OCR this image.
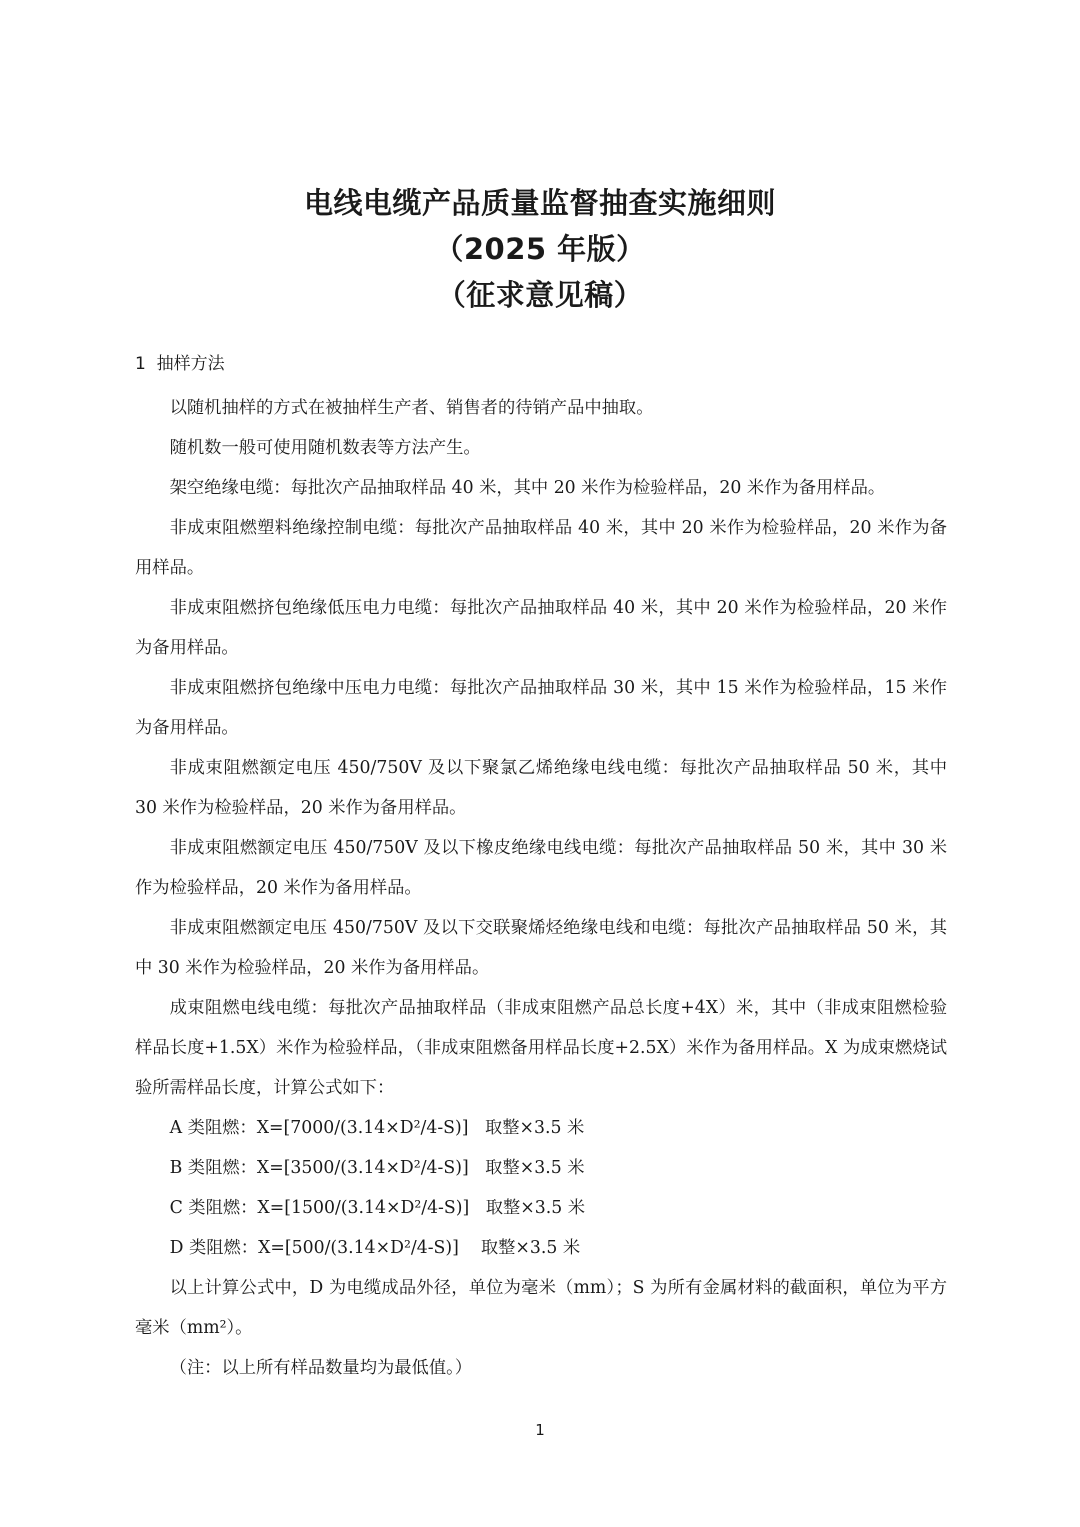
电线电缆产品质量监督抽查实施细则
（2025 年版）
（征求意见稿）
1 抽样方法

以随机抽样的方式在被抽样生产者、销售者的待销产品中抽取。

随机数一般可使用随机数表等方法产生。

架空绝缘电缆：每批次产品抽取样品 40 米，其中 20 米作为检验样品，20 米作为备用样品。

非成束阻燃塑料绝缘控制电缆：每批次产品抽取样品 40 米，其中 20 米作为检验样品，20 米作为备用样品。

非成束阻燃挤包绝缘低压电力电缆：每批次产品抽取样品 40 米，其中 20 米作为检验样品，20 米作为备用样品。

非成束阻燃挤包绝缘中压电力电缆：每批次产品抽取样品 30 米，其中 15 米作为检验样品，15 米作为备用样品。

非成束阻燃额定电压 450/750V 及以下聚氯乙烯绝缘电线电缆：每批次产品抽取样品 50 米，其中 30 米作为检验样品，20 米作为备用样品。

非成束阻燃额定电压 450/750V 及以下橡皮绝缘电线电缆：每批次产品抽取样品 50 米，其中 30 米作为检验样品，20 米作为备用样品。

非成束阻燃额定电压 450/750V 及以下交联聚烯烃绝缘电线和电缆：每批次产品抽取样品 50 米，其中 30 米作为检验样品，20 米作为备用样品。

成束阻燃电线电缆：每批次产品抽取样品（非成束阻燃产品总长度+4X）米，其中（非成束阻燃检验样品长度+1.5X）米作为检验样品，（非成束阻燃备用样品长度+2.5X）米作为备用样品。X 为成束燃烧试验所需样品长度，计算公式如下：

A 类阻燃：X=[7000/(3.14×D²/4-S)]   取整×3.5 米

B 类阻燃：X=[3500/(3.14×D²/4-S)]   取整×3.5 米

C 类阻燃：X=[1500/(3.14×D²/4-S)]   取整×3.5 米

D 类阻燃：X=[500/(3.14×D²/4-S)]    取整×3.5 米

以上计算公式中，D 为电缆成品外径，单位为毫米（mm）；S 为所有金属材料的截面积，单位为平方毫米（mm²）。

（注：以上所有样品数量均为最低值。）

1
